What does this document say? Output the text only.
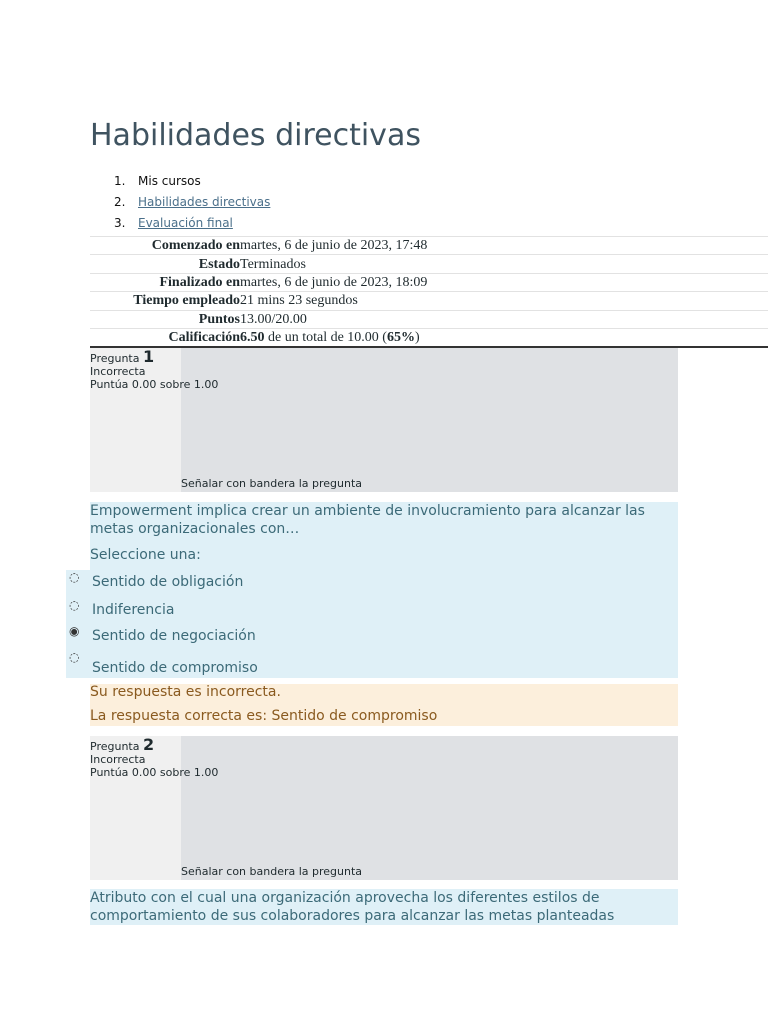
Habilidades directivas
1. Mis cursos
2. Habilidades directivas
3. Evaluación final
Comenzado en	martes, 6 de junio de 2023, 17:48
Estado	Terminados
Finalizado en	martes, 6 de junio de 2023, 18:09
Tiempo empleado	21 mins 23 segundos
Puntos	13.00/20.00
Calificación	6.50 de un total de 10.00 (65%)
Pregunta 1
Incorrecta
Puntúa 0.00 sobre 1.00
Señalar con bandera la pregunta
Empowerment implica crear un ambiente de involucramiento para alcanzar las metas organizacionales con…
Seleccione una:
◌ Sentido de obligación
◌ Indiferencia
◉ Sentido de negociación
◌
Sentido de compromiso
Su respuesta es incorrecta.
La respuesta correcta es: Sentido de compromiso
Pregunta 2
Incorrecta
Puntúa 0.00 sobre 1.00
Señalar con bandera la pregunta
Atributo con el cual una organización aprovecha los diferentes estilos de comportamiento de sus colaboradores para alcanzar las metas planteadas
